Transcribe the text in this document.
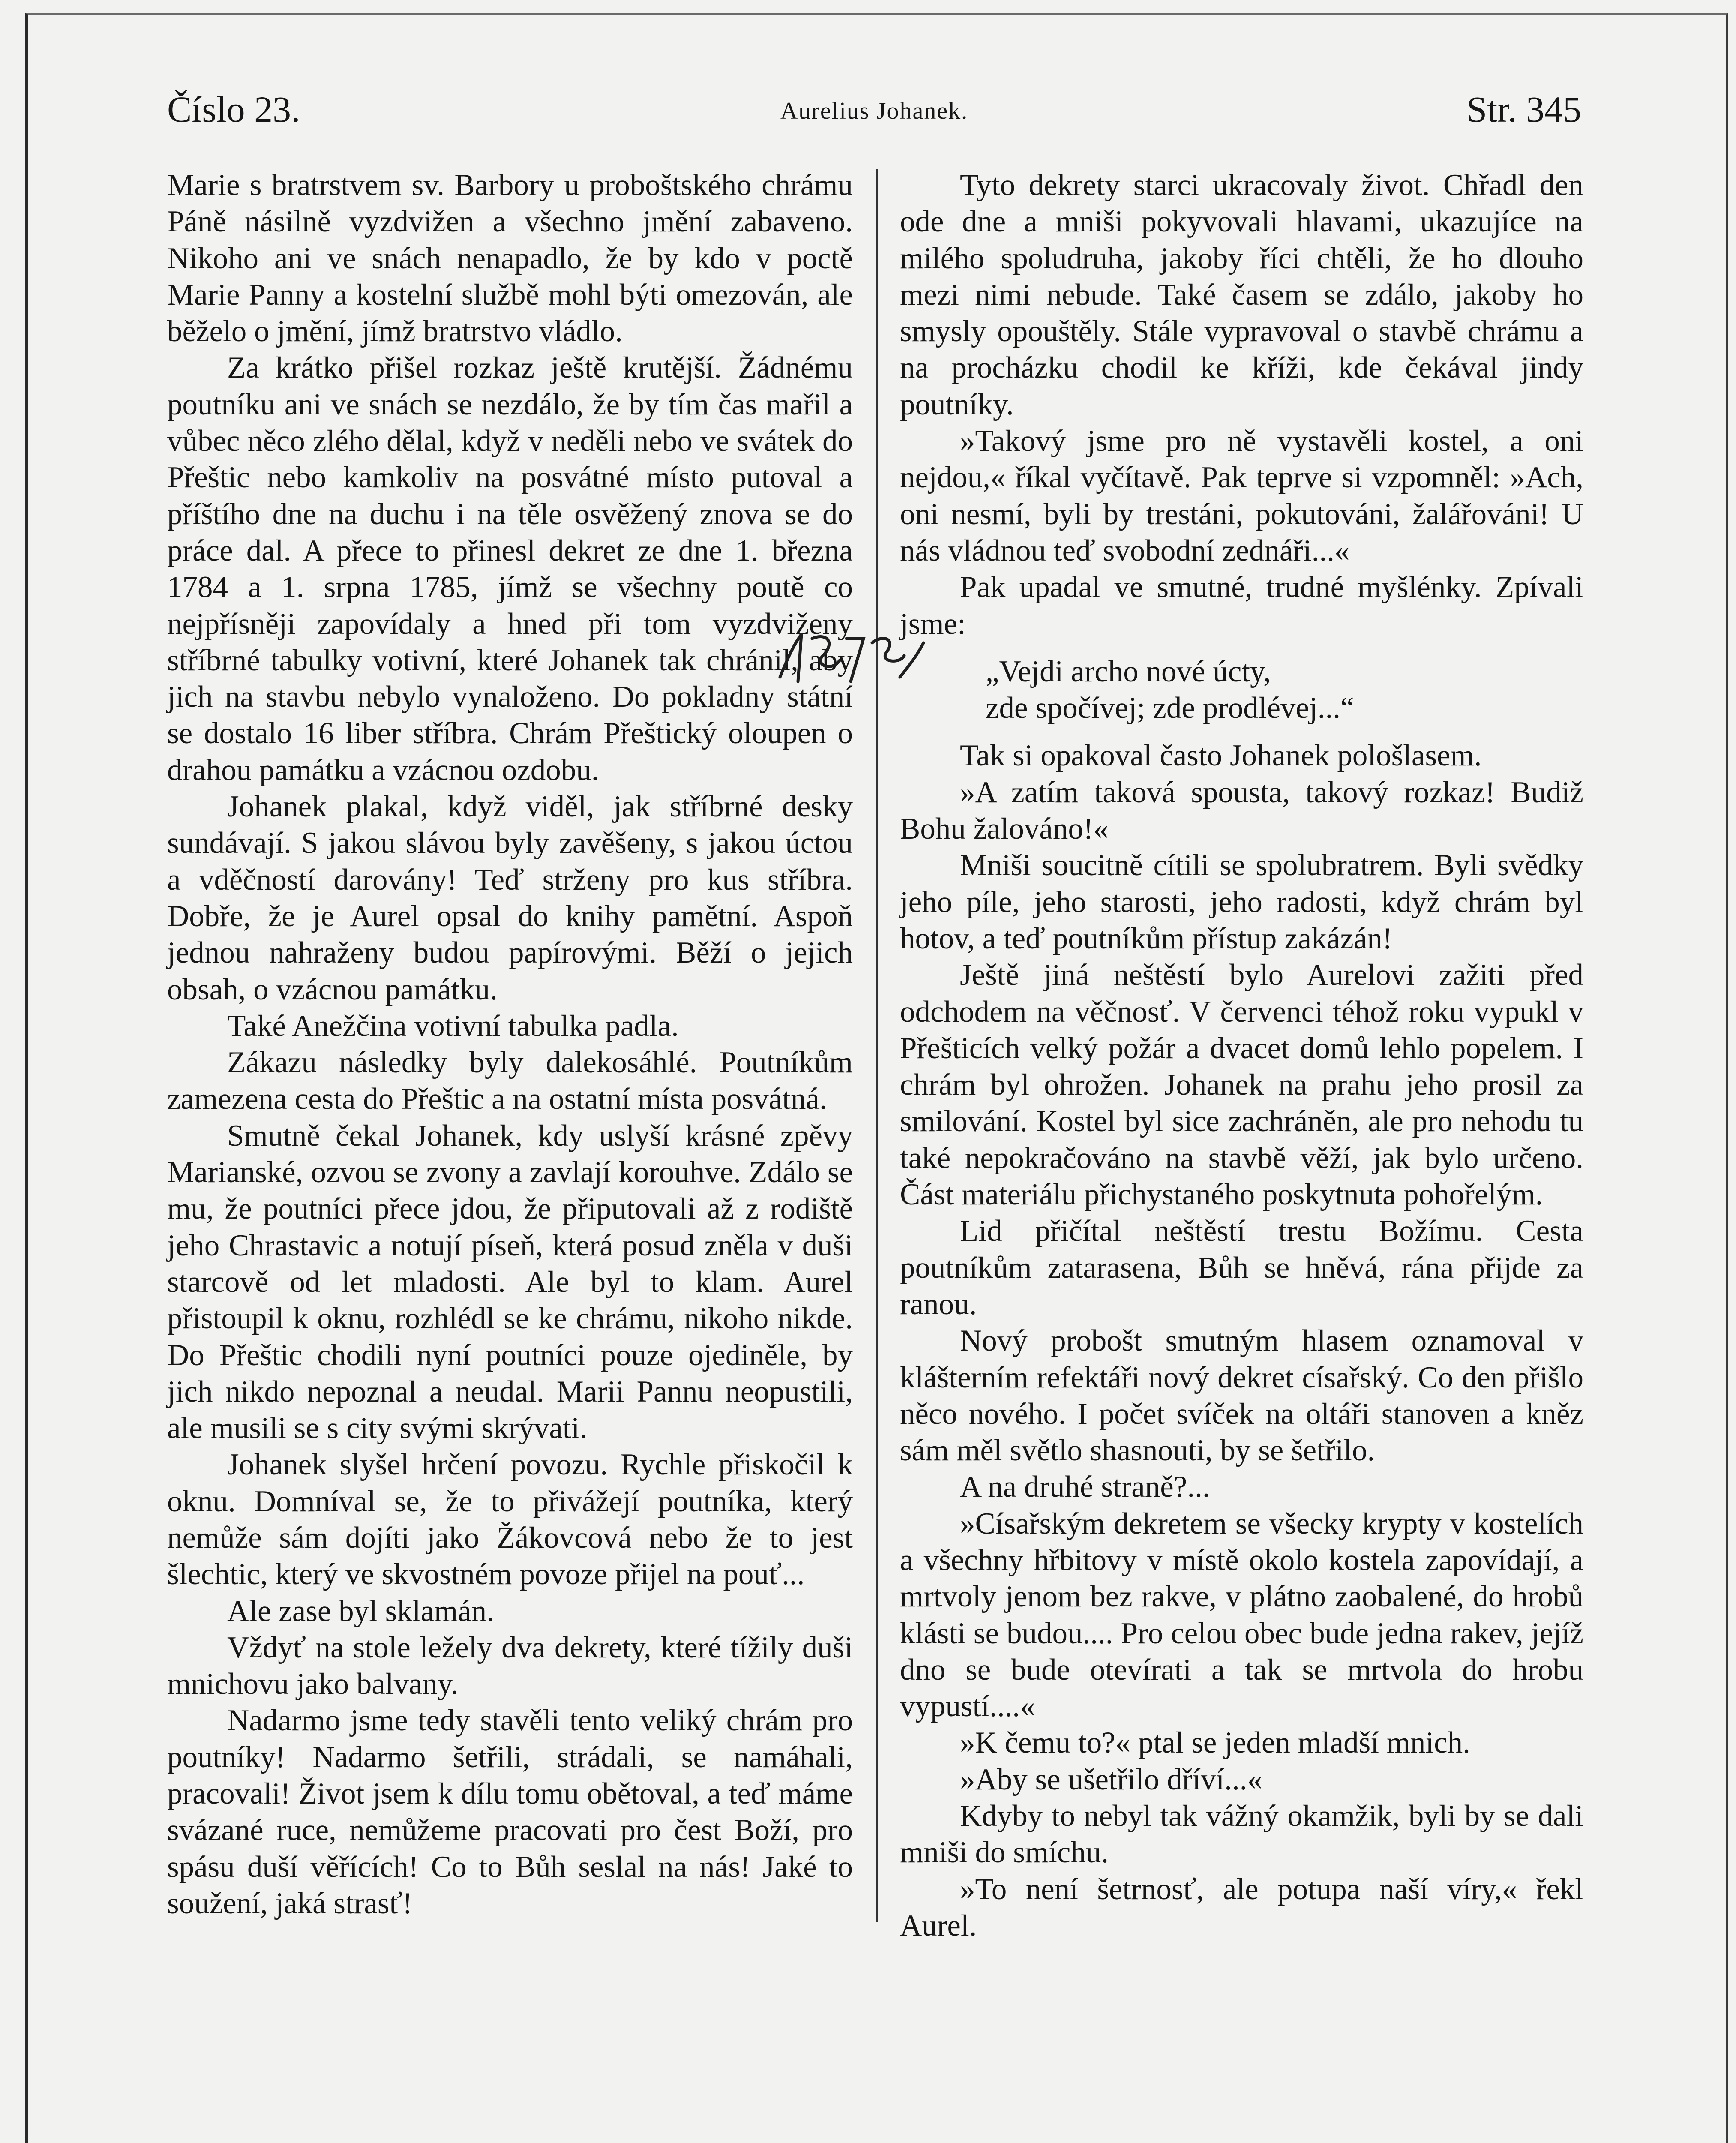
Číslo 23.	Aurelius Johanek.	Str. 345

Marie s bratrstvem sv. Barbory u proboštského chrámu Páně násilně vyzdvižen a všechno jmění zabaveno. Nikoho ani ve snách nenapadlo, že by kdo v poctě Marie Panny a kostelní službě mohl býti omezován, ale běželo o jmění, jímž bratrstvo vládlo.

Za krátko přišel rozkaz ještě krutější. Žádnému poutníku ani ve snách se nezdálo, že by tím čas mařil a vůbec něco zlého dělal, když v neděli nebo ve svátek do Přeštic nebo kamkoliv na posvátné místo putoval a příštího dne na duchu i na těle osvěžený znova se do práce dal. A přece to přinesl dekret ze dne 1. března 1784 a 1. srpna 1785, jímž se všechny poutě co nejpřísněji zapovídaly a hned při tom vyzdviženy stříbrné tabulky votivní, které Johanek tak chránil, aby jich na stavbu nebylo vynaloženo. Do pokladny státní se dostalo 16 liber stříbra. Chrám Přeštický oloupen o drahou památku a vzácnou ozdobu.

Johanek plakal, když viděl, jak stříbrné desky sundávají. S jakou slávou byly zavěšeny, s jakou úctou a vděčností darovány! Teď strženy pro kus stříbra. Dobře, že je Aurel opsal do knihy pamětní. Aspoň jednou nahraženy budou papírovými. Běží o jejich obsah, o vzácnou památku.

Také Anežčina votivní tabulka padla.

Zákazu následky byly dalekosáhlé. Poutníkům zamezena cesta do Přeštic a na ostatní místa posvátná.

Smutně čekal Johanek, kdy uslyší krásné zpěvy Marianské, ozvou se zvony a zavlají korouhve. Zdálo se mu, že poutníci přece jdou, že připutovali až z rodiště jeho Chrastavic a notují píseň, která posud zněla v duši starcově od let mladosti. Ale byl to klam. Aurel přistoupil k oknu, rozhlédl se ke chrámu, nikoho nikde. Do Přeštic chodili nyní poutníci pouze ojediněle, by jich nikdo nepoznal a neudal. Marii Pannu neopustili, ale musili se s city svými skrývati.

Johanek slyšel hrčení povozu. Rychle přiskočil k oknu. Domníval se, že to přivážejí poutníka, který nemůže sám dojíti jako Žákovcová nebo že to jest šlechtic, který ve skvostném povoze přijel na pouť...

Ale zase byl sklamán.

Vždyť na stole ležely dva dekrety, které tížily duši mnichovu jako balvany.

Nadarmo jsme tedy stavěli tento veliký chrám pro poutníky! Nadarmo šetřili, strádali, se namáhali, pracovali! Život jsem k dílu tomu obětoval, a teď máme svázané ruce, nemůžeme pracovati pro čest Boží, pro spásu duší věřících! Co to Bůh seslal na nás! Jaké to soužení, jaká strasť!

Tyto dekrety starci ukracovaly život. Chřadl den ode dne a mniši pokyvovali hlavami, ukazujíce na milého spoludruha, jakoby říci chtěli, že ho dlouho mezi nimi nebude. Také časem se zdálo, jakoby ho smysly opouštěly. Stále vypravoval o stavbě chrámu a na procházku chodil ke kříži, kde čekával jindy poutníky.

»Takový jsme pro ně vystavěli kostel, a oni nejdou,« říkal vyčítavě. Pak teprve si vzpomněl: »Ach, oni nesmí, byli by trestáni, pokutováni, žalářováni! U nás vládnou teď svobodní zednáři...«

Pak upadal ve smutné, trudné myšlénky. Zpívali jsme:

„Vejdi archo nové úcty,
zde spočívej; zde prodlévej...“

Tak si opakoval často Johanek pološlasem.

»A zatím taková spousta, takový rozkaz! Budiž Bohu žalováno!«

Mniši soucitně cítili se spolubratrem. Byli svědky jeho píle, jeho starosti, jeho radosti, když chrám byl hotov, a teď poutníkům přístup zakázán!

Ještě jiná neštěstí bylo Aurelovi zažiti před odchodem na věčnosť. V červenci téhož roku vypukl v Přešticích velký požár a dvacet domů lehlo popelem. I chrám byl ohrožen. Johanek na prahu jeho prosil za smilování. Kostel byl sice zachráněn, ale pro nehodu tu také nepokračováno na stavbě věží, jak bylo určeno. Část materiálu přichystaného poskytnuta pohořelým.

Lid přičítal neštěstí trestu Božímu. Cesta poutníkům zatarasena, Bůh se hněvá, rána přijde za ranou.

Nový probošt smutným hlasem oznamoval v klášterním refektáři nový dekret císařský. Co den přišlo něco nového. I počet svíček na oltáři stanoven a kněz sám měl světlo shasnouti, by se šetřilo.

A na druhé straně?...

»Císařským dekretem se všecky krypty v kostelích a všechny hřbitovy v místě okolo kostela zapovídají, a mrtvoly jenom bez rakve, v plátno zaobalené, do hrobů klásti se budou.... Pro celou obec bude jedna rakev, jejíž dno se bude otevírati a tak se mrtvola do hrobu vypustí....«

»K čemu to?« ptal se jeden mladší mnich.

»Aby se ušetřilo dříví...«

Kdyby to nebyl tak vážný okamžik, byli by se dali mniši do smíchu.

»To není šetrnosť, ale potupa naší víry,« řekl Aurel.
